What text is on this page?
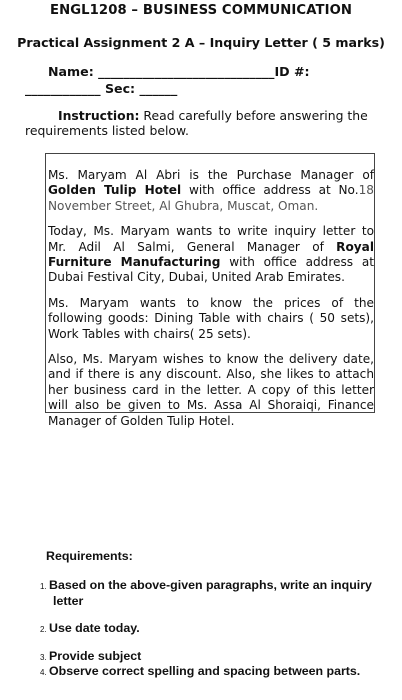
ENGL1208 – BUSINESS COMMUNICATION
Practical Assignment 2 A – Inquiry Letter ( 5 marks)
Name: ____________________________ID #:
____________ Sec: ______
Instruction: Read carefully before answering the requirements listed below.

Ms. Maryam Al Abri is the Purchase Manager of Golden Tulip Hotel with office address at No.18 November Street, Al Ghubra, Muscat, Oman.

Today, Ms. Maryam wants to write inquiry letter to Mr. Adil Al Salmi, General Manager of Royal Furniture Manufacturing with office address at Dubai Festival City, Dubai, United Arab Emirates.

Ms. Maryam wants to know the prices of the following goods: Dining Table with chairs ( 50 sets), Work Tables with chairs( 25 sets).

Also, Ms. Maryam wishes to know the delivery date, and if there is any discount. Also, she likes to attach her business card in the letter. A copy of this letter will also be given to Ms. Assa Al Shoraiqi, Finance Manager of Golden Tulip Hotel.

Requirements:
1. Based on the above-given paragraphs, write an inquiry
letter
2. Use date today.
3. Provide subject
4. Observe correct spelling and spacing between parts.
